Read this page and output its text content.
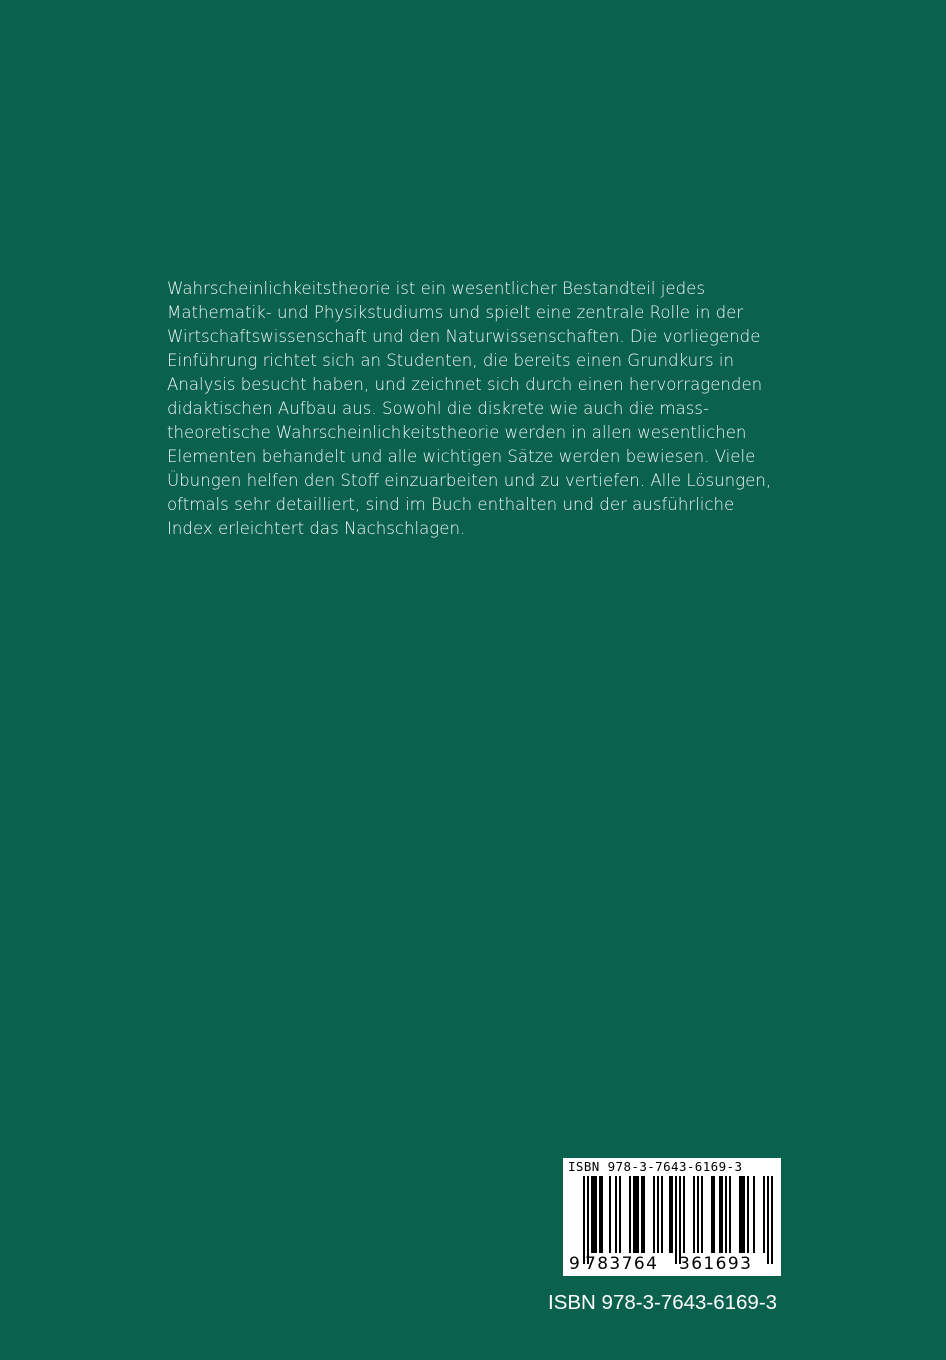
Wahrscheinlichkeitstheorie ist ein wesentlicher Bestandteil jedes
Mathematik- und Physikstudiums und spielt eine zentrale Rolle in der
Wirtschaftswissenschaft und den Naturwissenschaften. Die vorliegende
Einführung richtet sich an Studenten, die bereits einen Grundkurs in
Analysis besucht haben, und zeichnet sich durch einen hervorragenden
didaktischen Aufbau aus. Sowohl die diskrete wie auch die mass-
theoretische Wahrscheinlichkeitstheorie werden in allen wesentlichen
Elementen behandelt und alle wichtigen Sätze werden bewiesen. Viele
Übungen helfen den Stoff einzuarbeiten und zu vertiefen. Alle Lösungen,
oftmals sehr detailliert, sind im Buch enthalten und der ausführliche
Index erleichtert das Nachschlagen.

ISBN 978-3-7643-6169-3
9 783764 361693
ISBN 978-3-7643-6169-3
